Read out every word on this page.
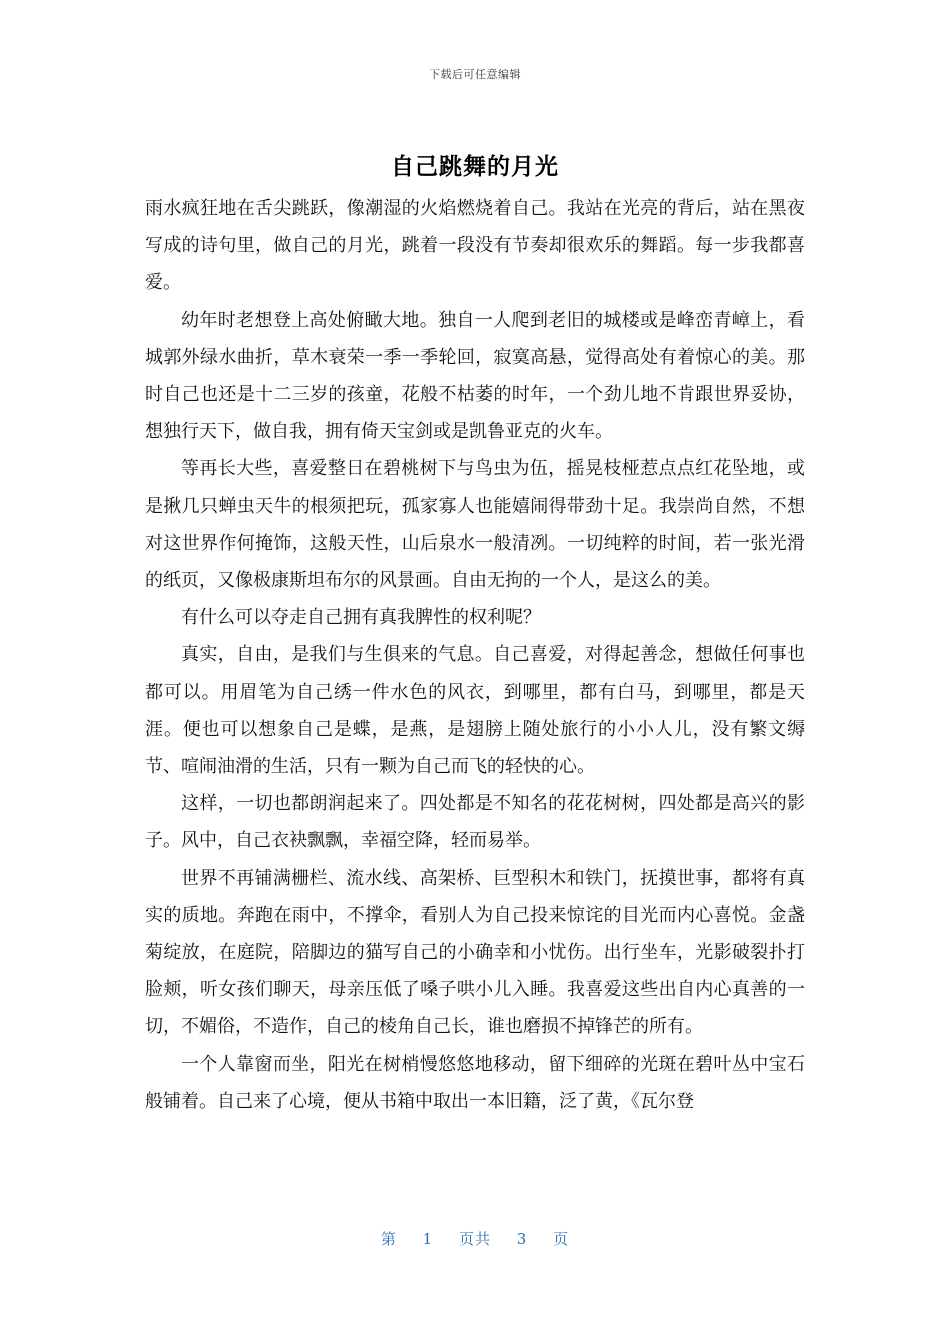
下载后可任意编辑
自己跳舞的月光

雨水疯狂地在舌尖跳跃，像潮湿的火焰燃烧着自己。我站在光亮的背后，站在黑夜写成的诗句里，做自己的月光，跳着一段没有节奏却很欢乐的舞蹈。每一步我都喜爱。

幼年时老想登上高处俯瞰大地。独自一人爬到老旧的城楼或是峰峦青嶂上，看城郭外绿水曲折，草木衰荣一季一季轮回，寂寞高悬，觉得高处有着惊心的美。那时自己也还是十二三岁的孩童，花般不枯萎的时年，一个劲儿地不肯跟世界妥协，想独行天下，做自我，拥有倚天宝剑或是凯鲁亚克的火车。

等再长大些，喜爱整日在碧桃树下与鸟虫为伍，摇晃枝桠惹点点红花坠地，或是揪几只蝉虫天牛的根须把玩，孤家寡人也能嬉闹得带劲十足。我崇尚自然，不想对这世界作何掩饰，这般天性，山后泉水一般清冽。一切纯粹的时间，若一张光滑的纸页，又像极康斯坦布尔的风景画。自由无拘的一个人，是这么的美。

有什么可以夺走自己拥有真我脾性的权利呢？

真实，自由，是我们与生俱来的气息。自己喜爱，对得起善念，想做任何事也都可以。用眉笔为自己绣一件水色的风衣，到哪里，都有白马，到哪里，都是天涯。便也可以想象自己是蝶，是燕，是翅膀上随处旅行的小小人儿，没有繁文缛节、喧闹油滑的生活，只有一颗为自己而飞的轻快的心。

这样，一切也都朗润起来了。四处都是不知名的花花树树，四处都是高兴的影子。风中，自己衣袂飘飘，幸福空降，轻而易举。

世界不再铺满栅栏、流水线、高架桥、巨型积木和铁门，抚摸世事，都将有真实的质地。奔跑在雨中，不撑伞，看别人为自己投来惊诧的目光而内心喜悦。金盏菊绽放，在庭院，陪脚边的猫写自己的小确幸和小忧伤。出行坐车，光影破裂扑打脸颊，听女孩们聊天，母亲压低了嗓子哄小儿入睡。我喜爱这些出自内心真善的一切，不媚俗，不造作，自己的棱角自己长，谁也磨损不掉锋芒的所有。

一个人靠窗而坐，阳光在树梢慢悠悠地移动，留下细碎的光斑在碧叶丛中宝石般铺着。自己来了心境，便从书箱中取出一本旧籍，泛了黄，《瓦尔登

第 1 页共 3 页
